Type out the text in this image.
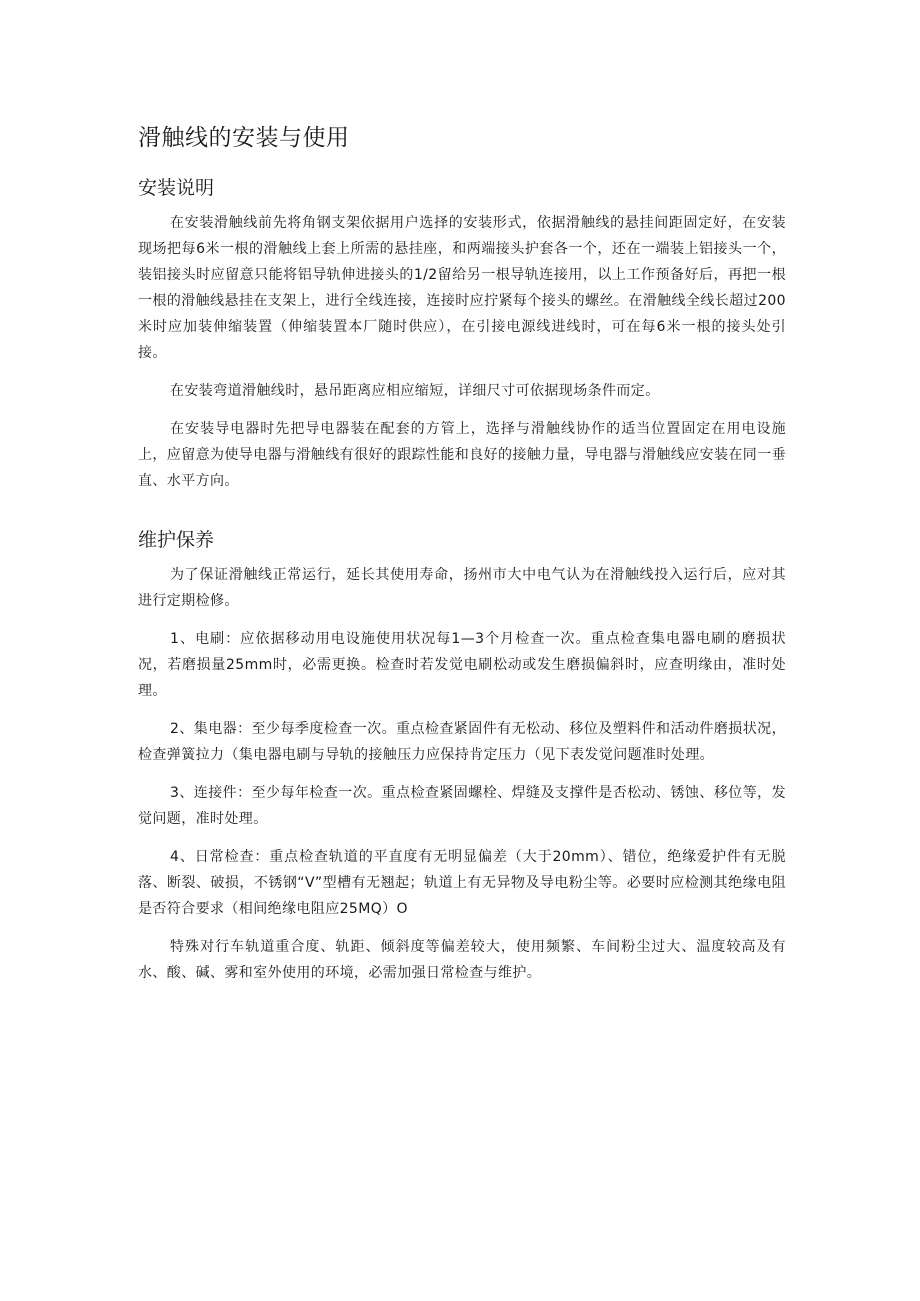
滑触线的安装与使用
安装说明

在安装滑触线前先将角钢支架依据用户选择的安装形式，依据滑触线的悬挂间距固定好，在安装现场把每6米一根的滑触线上套上所需的悬挂座，和两端接头护套各一个，还在一端装上铝接头一个，装铝接头时应留意只能将铝导轨伸进接头的1/2留给另一根导轨连接用，以上工作预备好后，再把一根一根的滑触线悬挂在支架上，进行全线连接，连接时应拧紧每个接头的螺丝。在滑触线全线长超过200米时应加装伸缩装置（伸缩装置本厂随时供应），在引接电源线进线时，可在每6米一根的接头处引接。

在安装弯道滑触线时，悬吊距离应相应缩短，详细尺寸可依据现场条件而定。

在安装导电器时先把导电器装在配套的方管上，选择与滑触线协作的适当位置固定在用电设施上，应留意为使导电器与滑触线有很好的跟踪性能和良好的接触力量，导电器与滑触线应安装在同一垂直、水平方向。

维护保养

为了保证滑触线正常运行，延长其使用寿命，扬州市大中电气认为在滑触线投入运行后，应对其进行定期检修。

1、电刷：应依据移动用电设施使用状况每1—3个月检查一次。重点检查集电器电刷的磨损状况，若磨损量25mm时，必需更换。检查时若发觉电刷松动或发生磨损偏斜时，应查明缘由，准时处理。

2、集电器：至少每季度检查一次。重点检查紧固件有无松动、移位及塑料件和活动件磨损状况，检查弹簧拉力（集电器电刷与导轨的接触压力应保持肯定压力（见下表发觉问题准时处理。

3、连接件：至少每年检查一次。重点检查紧固螺栓、焊缝及支撑件是否松动、锈蚀、移位等，发觉问题，准时处理。

4、日常检查：重点检查轨道的平直度有无明显偏差（大于20mm）、错位，绝缘爱护件有无脱落、断裂、破损，不锈钢“V”型槽有无翘起；轨道上有无异物及导电粉尘等。必要时应检测其绝缘电阻是否符合要求（相间绝缘电阻应25MQ）O

特殊对行车轨道重合度、轨距、倾斜度等偏差较大，使用频繁、车间粉尘过大、温度较高及有水、酸、碱、雾和室外使用的环境，必需加强日常检查与维护。
